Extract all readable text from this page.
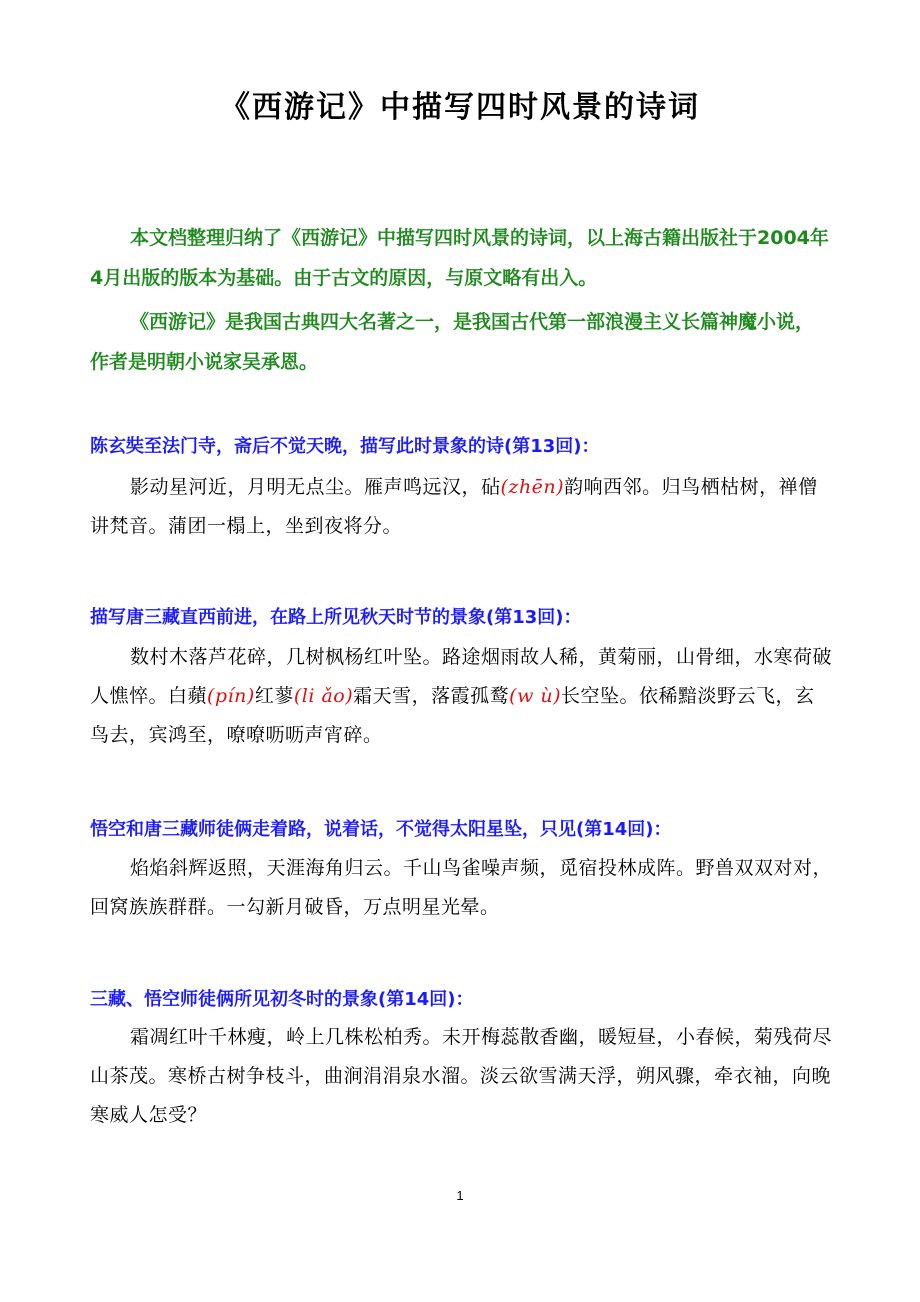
《西游记》中描写四时风景的诗词

本文档整理归纳了《西游记》中描写四时风景的诗词，以上海古籍出版社于2004年4月出版的版本为基础。由于古文的原因，与原文略有出入。

《西游记》是我国古典四大名著之一，是我国古代第一部浪漫主义长篇神魔小说，作者是明朝小说家吴承恩。

陈玄奘至法门寺，斋后不觉天晚，描写此时景象的诗(第13回)：

影动星河近，月明无点尘。雁声鸣远汉，砧(zhēn)韵响西邻。归鸟栖枯树，禅僧讲梵音。蒲团一榻上，坐到夜将分。

描写唐三藏直西前进，在路上所见秋天时节的景象(第13回)：

数村木落芦花碎，几树枫杨红叶坠。路途烟雨故人稀，黄菊丽，山骨细，水寒荷破人憔悴。白蘋(pín)红蓼(li ǎo)霜天雪，落霞孤鹜(w ù)长空坠。依稀黯淡野云飞，玄鸟去，宾鸿至，嘹嘹呖呖声宵碎。

悟空和唐三藏师徒俩走着路，说着话，不觉得太阳星坠，只见(第14回)：

焰焰斜辉返照，天涯海角归云。千山鸟雀噪声频，觅宿投林成阵。野兽双双对对，回窝族族群群。一勾新月破昏，万点明星光晕。

三藏、悟空师徒俩所见初冬时的景象(第14回)：

霜凋红叶千林瘦，岭上几株松柏秀。未开梅蕊散香幽，暖短昼，小春候，菊残荷尽山茶茂。寒桥古树争枝斗，曲涧涓涓泉水溜。淡云欲雪满天浮，朔风骤，牵衣袖，向晚寒威人怎受？

1
